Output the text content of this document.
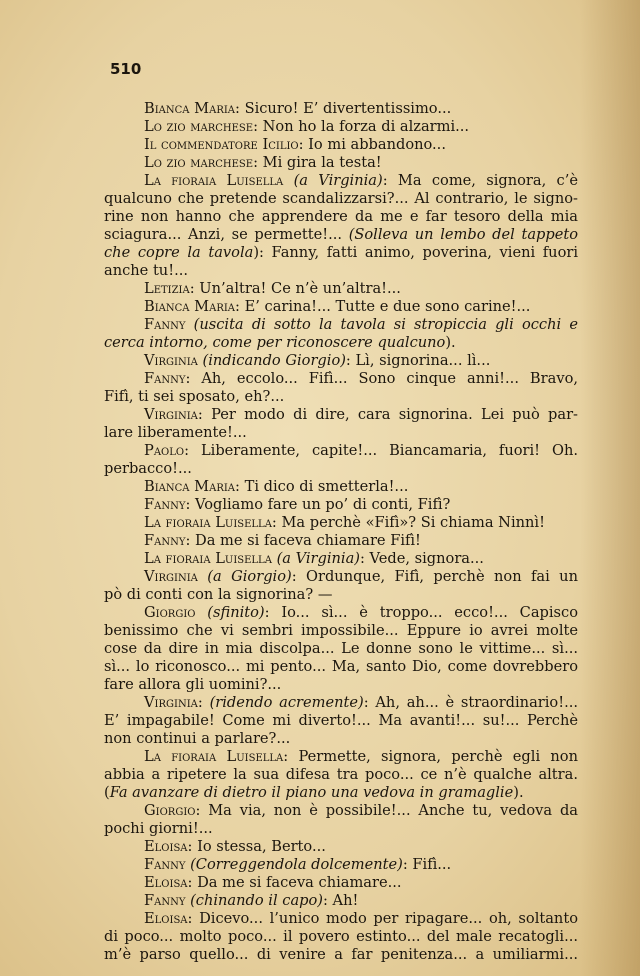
510
Bianca Maria: Sicuro! E’ divertentissimo...
Lo zio marchese: Non ho la forza di alzarmi...
Il commendatore Icilio: Io mi abbandono...
Lo zio marchese: Mi gira la testa!
La fioraia Luisella (a Virginia): Ma come, signora, c’è
qualcuno che pretende scandalizzarsi?... Al contrario, le signo-
rine non hanno che apprendere da me e far tesoro della mia
sciagura... Anzi, se permette!... (Solleva un lembo del tappeto
che copre la tavola): Fanny, fatti animo, poverina, vieni fuori
anche tu!...
Letizia: Un’altra! Ce n’è un’altra!...
Bianca Maria: E’ carina!... Tutte e due sono carine!...
Fanny (uscita di sotto la tavola si stropiccia gli occhi e
cerca intorno, come per riconoscere qualcuno).
Virginia (indicando Giorgio): Lì, signorina... lì...
Fanny: Ah, eccolo... Fifì... Sono cinque anni!... Bravo,
Fifì, ti sei sposato, eh?...
Virginia: Per modo di dire, cara signorina. Lei può par-
lare liberamente!...
Paolo: Liberamente, capite!... Biancamaria, fuori! Oh.
perbacco!...
Bianca Maria: Ti dico di smetterla!...
Fanny: Vogliamo fare un po’ di conti, Fifì?
La fioraia Luisella: Ma perchè «Fifì»? Si chiama Ninnì!
Fanny: Da me si faceva chiamare Fifì!
La fioraia Luisella (a Virginia): Vede, signora...
Virginia (a Giorgio): Ordunque, Fifì, perchè non fai un
pò di conti con la signorina? —
Giorgio (sfinito): Io... sì... è troppo... ecco!... Capisco
benissimo che vi sembri impossibile... Eppure io avrei molte
cose da dire in mia discolpa... Le donne sono le vittime... sì...
sì... lo riconosco... mi pento... Ma, santo Dio, come dovrebbero
fare allora gli uomini?...
Virginia: (ridendo acremente): Ah, ah... è straordinario!...
E’ impagabile! Come mi diverto!... Ma avanti!... su!... Perchè
non continui a parlare?...
La fioraia Luisella: Permette, signora, perchè egli non
abbia a ripetere la sua difesa tra poco... ce n’è qualche altra.
(Fa avanzare di dietro il piano una vedova in gramaglie).
Giorgio: Ma via, non è possibile!... Anche tu, vedova da
pochi giorni!...
Eloisa: Io stessa, Berto...
Fanny (Correggendola dolcemente): Fifì...
Eloisa: Da me si faceva chiamare...
Fanny (chinando il capo): Ah!
Eloisa: Dicevo... l’unico modo per ripagare... oh, soltanto
di poco... molto poco... il povero estinto... del male recatogli...
m’è parso quello... di venire a far penitenza... a umiliarmi...
